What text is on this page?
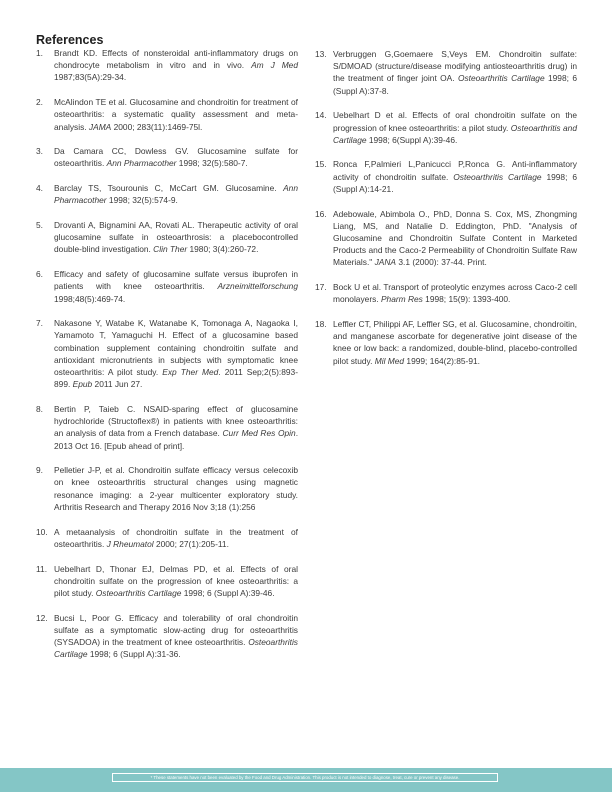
References
1.	Brandt KD. Effects of nonsteroidal anti-inflammatory drugs on chondrocyte metabolism in vitro and in vivo. Am J Med 1987;83(5A):29-34.
2.	McAlindon TE et al. Glucosamine and chondroitin for treatment of osteoarthritis: a systematic quality assessment and meta-analysis. JAMA 2000; 283(11):1469-75l.
3.	Da Camara CC, Dowless GV. Glucosamine sulfate for osteoarthritis. Ann Pharmacother 1998; 32(5):580-7.
4.	Barclay TS, Tsourounis C, McCart GM. Glucosamine. Ann Pharmacother 1998; 32(5):574-9.
5.	Drovanti A, Bignamini AA, Rovati AL. Therapeutic activity of oral glucosamine sulfate in osteoarthrosis: a placebocontrolled double-blind investigation. Clin Ther 1980; 3(4):260-72.
6.	Efficacy and safety of glucosamine sulfate versus ibuprofen in patients with knee osteoarthritis. Arzneimittelforschung 1998;48(5):469-74.
7.	Nakasone Y, Watabe K, Watanabe K, Tomonaga A, Nagaoka I, Yamamoto T, Yamaguchi H. Effect of a glucosamine based combination supplement containing chondroitin sulfate and antioxidant micronutrients in subjects with symptomatic knee osteoarthritis: A pilot study. Exp Ther Med. 2011 Sep;2(5):893-899. Epub 2011 Jun 27.
8.	Bertin P, Taieb C. NSAID-sparing effect of glucosamine hydrochloride (Structoflex®) in patients with knee osteoarthritis: an analysis of data from a French database. Curr Med Res Opin. 2013 Oct 16. [Epub ahead of print].
9.	Pelletier J-P, et al. Chondroitin sulfate efficacy versus celecoxib on knee osteoarthritis structural changes using magnetic resonance imaging: a 2-year multicenter exploratory study. Arthritis Research and Therapy 2016 Nov 3;18 (1):256
10. A metaanalysis of chondroitin sulfate in the treatment of osteoarthritis. J Rheumatol 2000; 27(1):205-11.
11. Uebelhart D, Thonar EJ, Delmas PD, et al. Effects of oral chondroitin sulfate on the progression of knee osteoarthritis: a pilot study. Osteoarthritis Cartilage 1998; 6 (Suppl A):39-46.
12. Bucsi L, Poor G. Efficacy and tolerability of oral chondroitin sulfate as a symptomatic slow-acting drug for osteoarthritis (SYSADOA) in the treatment of knee osteoarthritis. Osteoarthritis Cartilage 1998; 6 (Suppl A):31-36.
13. Verbruggen G,Goemaere S,Veys EM. Chondroitin sulfate: S/DMOAD (structure/disease modifying antiosteoarthritis drug) in the treatment of finger joint OA. Osteoarthritis Cartilage 1998; 6 (Suppl A):37-8.
14. Uebelhart D et al. Effects of oral chondroitin sulfate on the progression of knee osteoarthritis: a pilot study. Osteoarthritis and Cartilage 1998; 6(Suppl A):39-46.
15. Ronca F,Palmieri L,Panicucci P,Ronca G. Anti-inflammatory activity of chondroitin sulfate. Osteoarthritis Cartilage 1998; 6 (Suppl A):14-21.
16. Adebowale, Abimbola O., PhD, Donna S. Cox, MS, Zhongming Liang, MS, and Natalie D. Eddington, PhD. "Analysis of Glucosamine and Chondroitin Sulfate Content in Marketed Products and the Caco-2 Permeability of Chondroitin Sulfate Raw Materials." JANA 3.1 (2000): 37-44. Print.
17. Bock U et al. Transport of proteolytic enzymes across Caco-2 cell monolayers. Pharm Res 1998; 15(9): 1393-400.
18. Leffler CT, Philippi AF, Leffler SG, et al. Glucosamine, chondroitin, and manganese ascorbate for degenerative joint disease of the knee or low back: a randomized, double-blind, placebo-controlled pilot study. Mil Med 1999; 164(2):85-91.
* These statements have not been evaluated by the Food and Drug Administration. This product is not intended to diagnose, treat, cure or prevent any disease.
